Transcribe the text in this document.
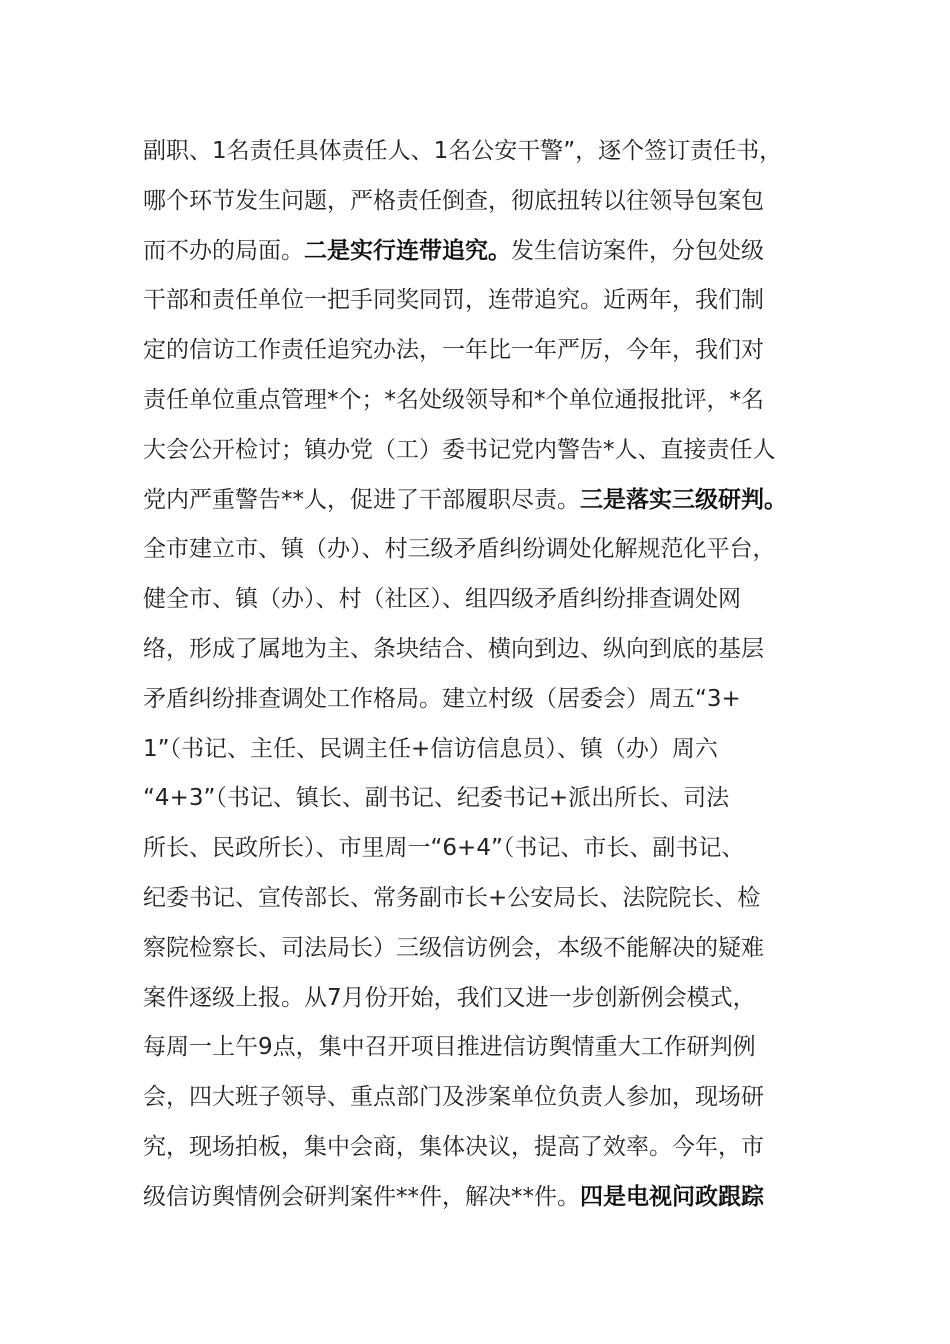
副职、1名责任具体责任人、1名公安干警”，逐个签订责任书，
哪个环节发生问题，严格责任倒查，彻底扭转以往领导包案包
而不办的局面。二是实行连带追究。发生信访案件，分包处级
干部和责任单位一把手同奖同罚，连带追究。近两年，我们制
定的信访工作责任追究办法，一年比一年严厉，今年，我们对
责任单位重点管理*个；*名处级领导和*个单位通报批评，*名
大会公开检讨；镇办党（工）委书记党内警告*人、直接责任人
党内严重警告**人，促进了干部履职尽责。三是落实三级研判。
全市建立市、镇（办）、村三级矛盾纠纷调处化解规范化平台，
健全市、镇（办）、村（社区）、组四级矛盾纠纷排查调处网
络，形成了属地为主、条块结合、横向到边、纵向到底的基层
矛盾纠纷排查调处工作格局。建立村级（居委会）周五“3+
1”（书记、主任、民调主任+信访信息员）、镇（办）周六
“4+3”（书记、镇长、副书记、纪委书记+派出所长、司法
所长、民政所长）、市里周一“6+4”（书记、市长、副书记、
纪委书记、宣传部长、常务副市长+公安局长、法院院长、检
察院检察长、司法局长）三级信访例会，本级不能解决的疑难
案件逐级上报。从7月份开始，我们又进一步创新例会模式，
每周一上午9点，集中召开项目推进信访舆情重大工作研判例
会，四大班子领导、重点部门及涉案单位负责人参加，现场研
究，现场拍板，集中会商，集体决议，提高了效率。今年，市
级信访舆情例会研判案件**件，解决**件。四是电视问政跟踪
